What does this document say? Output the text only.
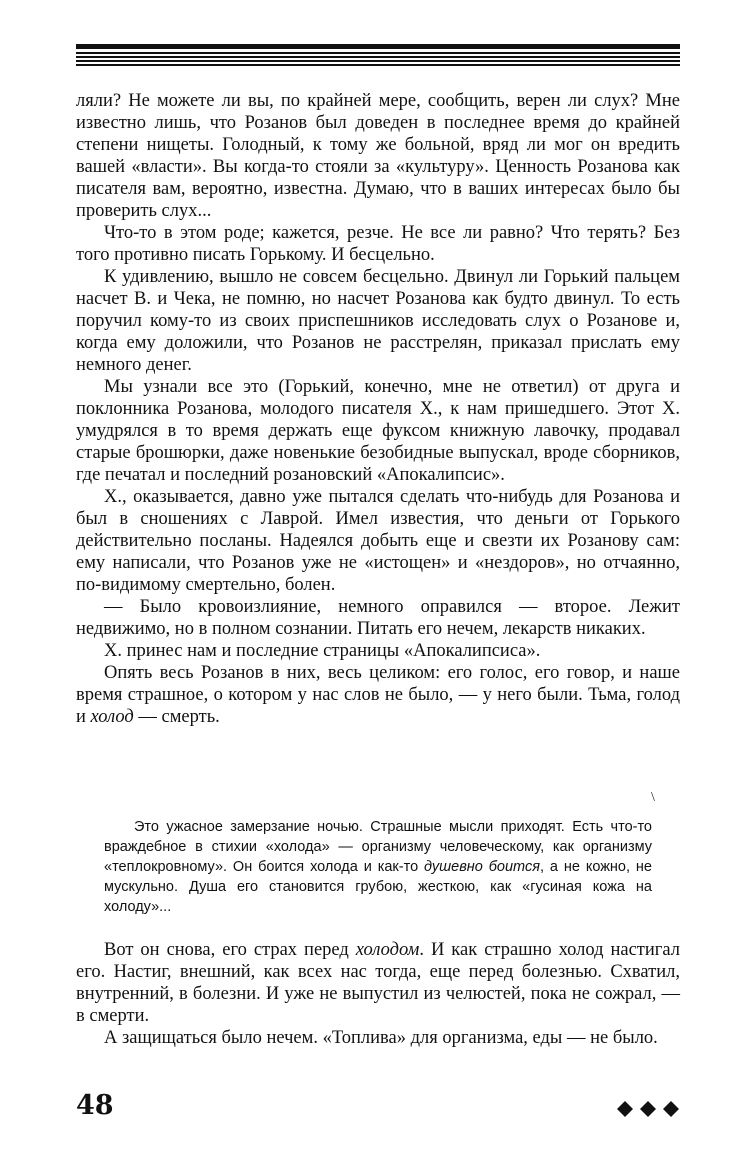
ляли? Не можете ли вы, по крайней мере, сообщить, верен ли слух? Мне известно лишь, что Розанов был доведен в последнее время до крайней степени нищеты. Голодный, к тому же больной, вряд ли мог он вредить вашей «власти». Вы когда-то стояли за «культуру». Ценность Розанова как писателя вам, вероятно, известна. Думаю, что в ваших интересах было бы проверить слух...

Что-то в этом роде; кажется, резче. Не все ли равно? Что терять? Без того противно писать Горькому. И бесцельно.

К удивлению, вышло не совсем бесцельно. Двинул ли Горький пальцем насчет В. и Чека, не помню, но насчет Розанова как будто двинул. То есть поручил кому-то из своих приспешников исследовать слух о Розанове и, когда ему доложили, что Розанов не расстрелян, приказал прислать ему немного денег.

Мы узнали все это (Горький, конечно, мне не ответил) от друга и поклонника Розанова, молодого писателя Х., к нам пришедшего. Этот Х. умудрялся в то время держать еще фуксом книжную лавочку, продавал старые брошюрки, даже новенькие безобидные выпускал, вроде сборников, где печатал и последний розановский «Апокалипсис».

Х., оказывается, давно уже пытался сделать что-нибудь для Розанова и был в сношениях с Лаврой. Имел известия, что деньги от Горького действительно посланы. Надеялся добыть еще и свезти их Розанову сам: ему написали, что Розанов уже не «истощен» и «нездоров», но отчаянно, по-видимому смертельно, болен.

— Было кровоизлияние, немного оправился — второе. Лежит недвижимо, но в полном сознании. Питать его нечем, лекарств никаких.

Х. принес нам и последние страницы «Апокалипсиса».

Опять весь Розанов в них, весь целиком: его голос, его говор, и наше время страшное, о котором у нас слов не было, — у него были. Тьма, голод и холод — смерть.

\
Это ужасное замерзание ночью. Страшные мысли приходят. Есть что-то враждебное в стихии «холода» — организму человеческому, как организму «теплокровному». Он боится холода и как-то душевно боится, а не кожно, не мускульно. Душа его становится грубою, жесткою, как «гусиная кожа на холоду»...

Вот он снова, его страх перед холодом. И как страшно холод настигал его. Настиг, внешний, как всех нас тогда, еще перед болезнью. Схватил, внутренний, в болезни. И уже не выпустил из челюстей, пока не сожрал, — в смерти.

А защищаться было нечем. «Топлива» для организма, еды — не было.

48
